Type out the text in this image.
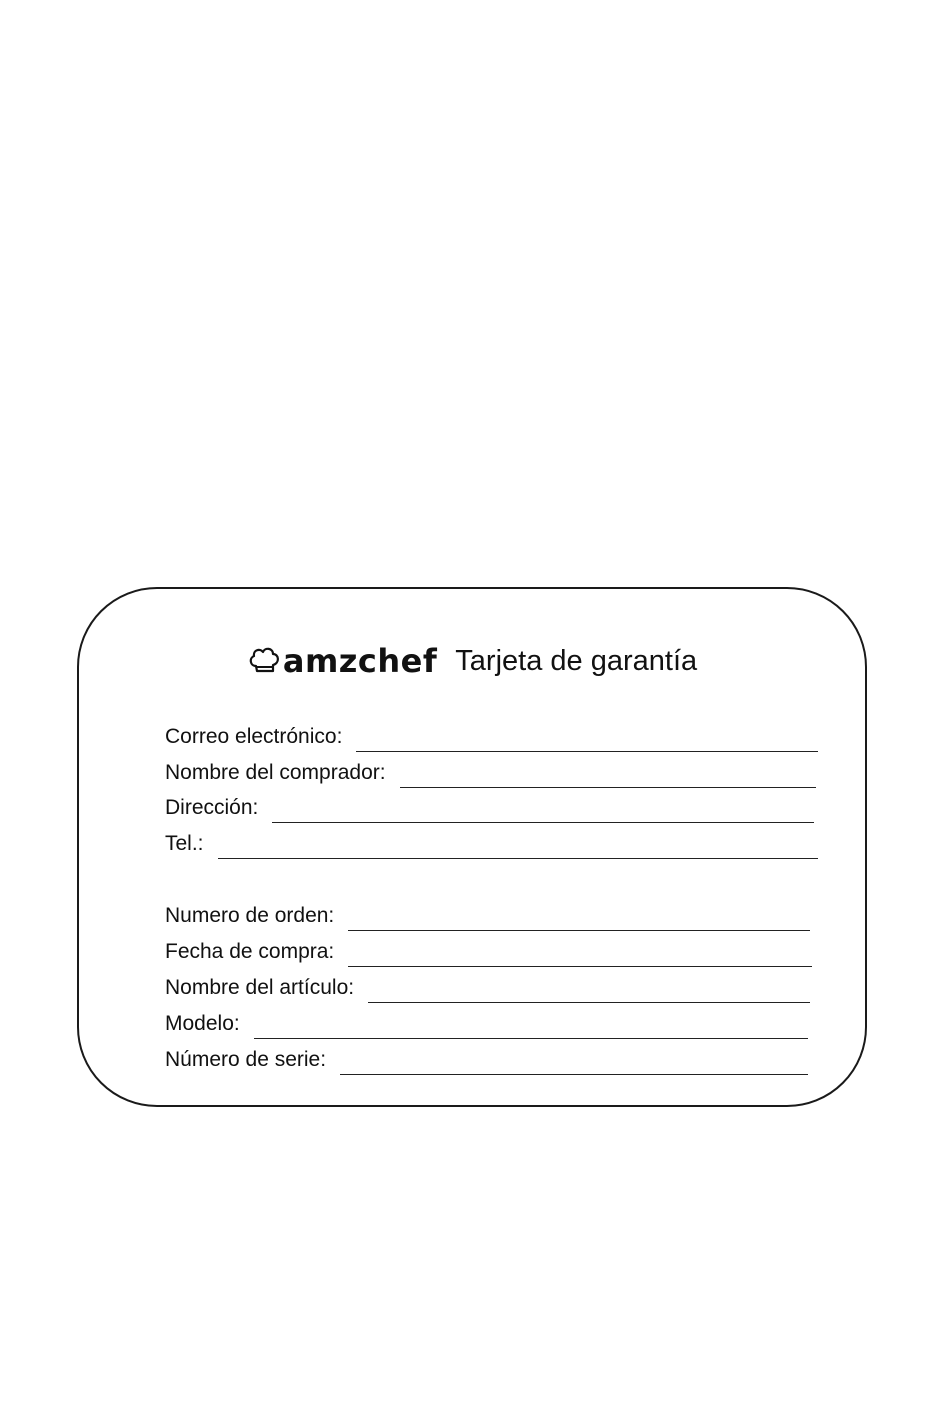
amzchef Tarjeta de garantía
Correo electrónico:
Nombre del comprador:
Dirección:
Tel.:
Numero de orden:
Fecha de compra:
Nombre del artículo:
Modelo:
Número de serie:
